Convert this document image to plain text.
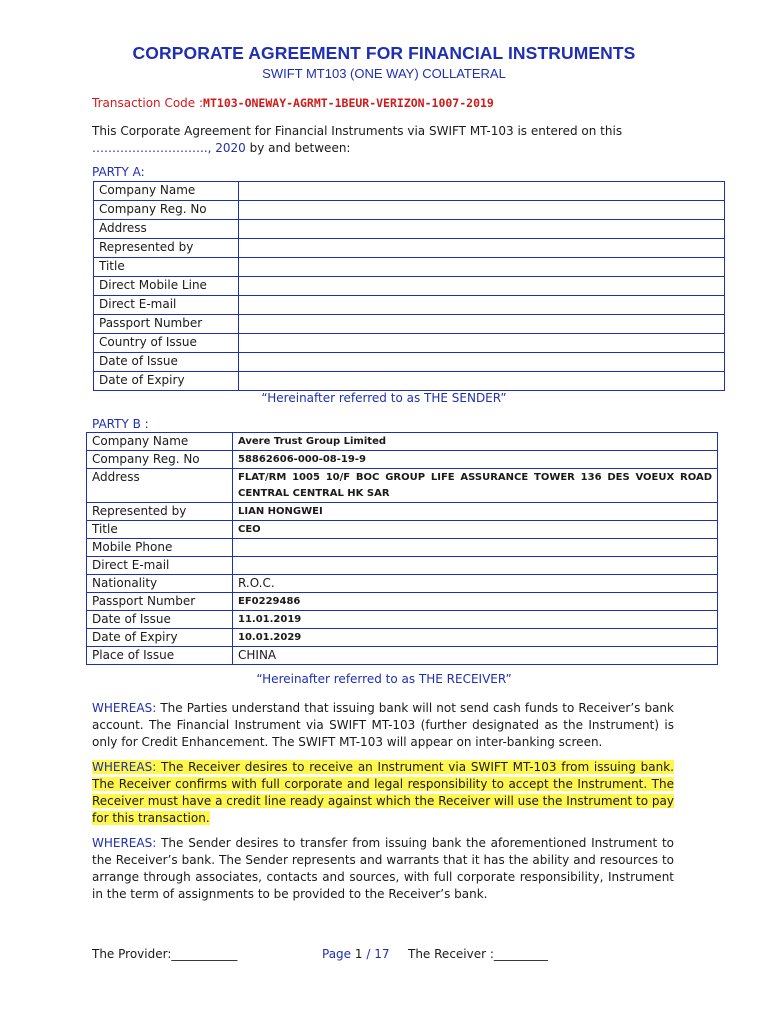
CORPORATE AGREEMENT FOR FINANCIAL INSTRUMENTS
SWIFT MT103 (ONE WAY) COLLATERAL
Transaction Code :MT103-ONEWAY-AGRMT-1BEUR-VERIZON-1007-2019
This Corporate Agreement for Financial Instruments via SWIFT MT-103 is entered on this
……………………….., 2020 by and between:
PARTY A:
Company Name	
Company Reg. No	
Address	
Represented by	
Title	
Direct Mobile Line	
Direct E-mail	
Passport Number	
Country of Issue	
Date of Issue	
Date of Expiry	
“Hereinafter referred to as THE SENDER”
PARTY B :
Company Name	Avere Trust Group Limited
Company Reg. No	58862606-000-08-19-9
Address	FLAT/RM 1005 10/F BOC GROUP LIFE ASSURANCE TOWER 136 DES VOEUX ROAD CENTRAL CENTRAL HK SAR
Represented by	LIAN HONGWEI
Title	CEO
Mobile Phone	
Direct E-mail	
Nationality	R.O.C.
Passport Number	EF0229486
Date of Issue	11.01.2019
Date of Expiry	10.01.2029
Place of Issue	CHINA
“Hereinafter referred to as THE RECEIVER”
WHEREAS: The Parties understand that issuing bank will not send cash funds to Receiver’s bank account. The Financial Instrument via SWIFT MT-103 (further designated as the Instrument) is only for Credit Enhancement. The SWIFT MT-103 will appear on inter-banking screen.
WHEREAS: The Receiver desires to receive an Instrument via SWIFT MT-103 from issuing bank. The Receiver confirms with full corporate and legal responsibility to accept the Instrument. The Receiver must have a credit line ready against which the Receiver will use the Instrument to pay for this transaction.
WHEREAS: The Sender desires to transfer from issuing bank the aforementioned Instrument to the Receiver’s bank. The Sender represents and warrants that it has the ability and resources to arrange through associates, contacts and sources, with full corporate responsibility, Instrument in the term of assignments to be provided to the Receiver’s bank.
The Provider:___________	Page 1 / 17 The Receiver :_________
